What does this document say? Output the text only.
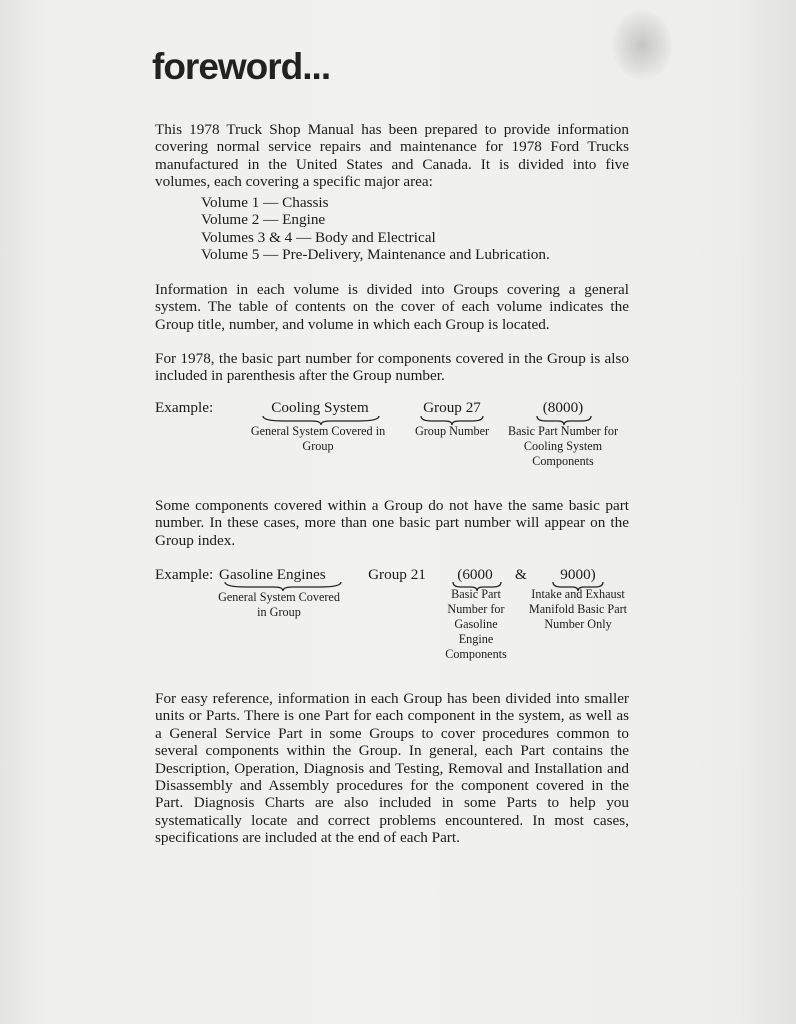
foreword...
This 1978 Truck Shop Manual has been prepared to provide information covering normal service repairs and maintenance for 1978 Ford Trucks manufactured in the United States and Canada. It is divided into five volumes, each covering a specific major area:
Volume 1 — Chassis
Volume 2 — Engine
Volumes 3 & 4 — Body and Electrical
Volume 5 — Pre-Delivery, Maintenance and Lubrication.
Information in each volume is divided into Groups covering a general system. The table of contents on the cover of each volume indicates the Group title, number, and volume in which each Group is located.
For 1978, the basic part number for components covered in the Group is also included in parenthesis after the Group number.
Example:	Cooling System	Group 27	(8000)
General System Covered in Group
Group Number	Basic Part Number for Cooling System Components
Some components covered within a Group do not have the same basic part number. In these cases, more than one basic part number will appear on the Group index.
Example: Gasoline Engines	Group 21	(6000	&	9000)
General System Covered in Group
Basic Part Number for Gasoline Engine Components
Intake and Exhaust Manifold Basic Part Number Only
For easy reference, information in each Group has been divided into smaller units or Parts. There is one Part for each component in the system, as well as a General Service Part in some Groups to cover procedures common to several components within the Group. In general, each Part contains the Description, Operation, Diagnosis and Testing, Removal and Installation and Disassembly and Assembly procedures for the component covered in the Part. Diagnosis Charts are also included in some Parts to help you systematically locate and correct problems encountered. In most cases, specifications are included at the end of each Part.
